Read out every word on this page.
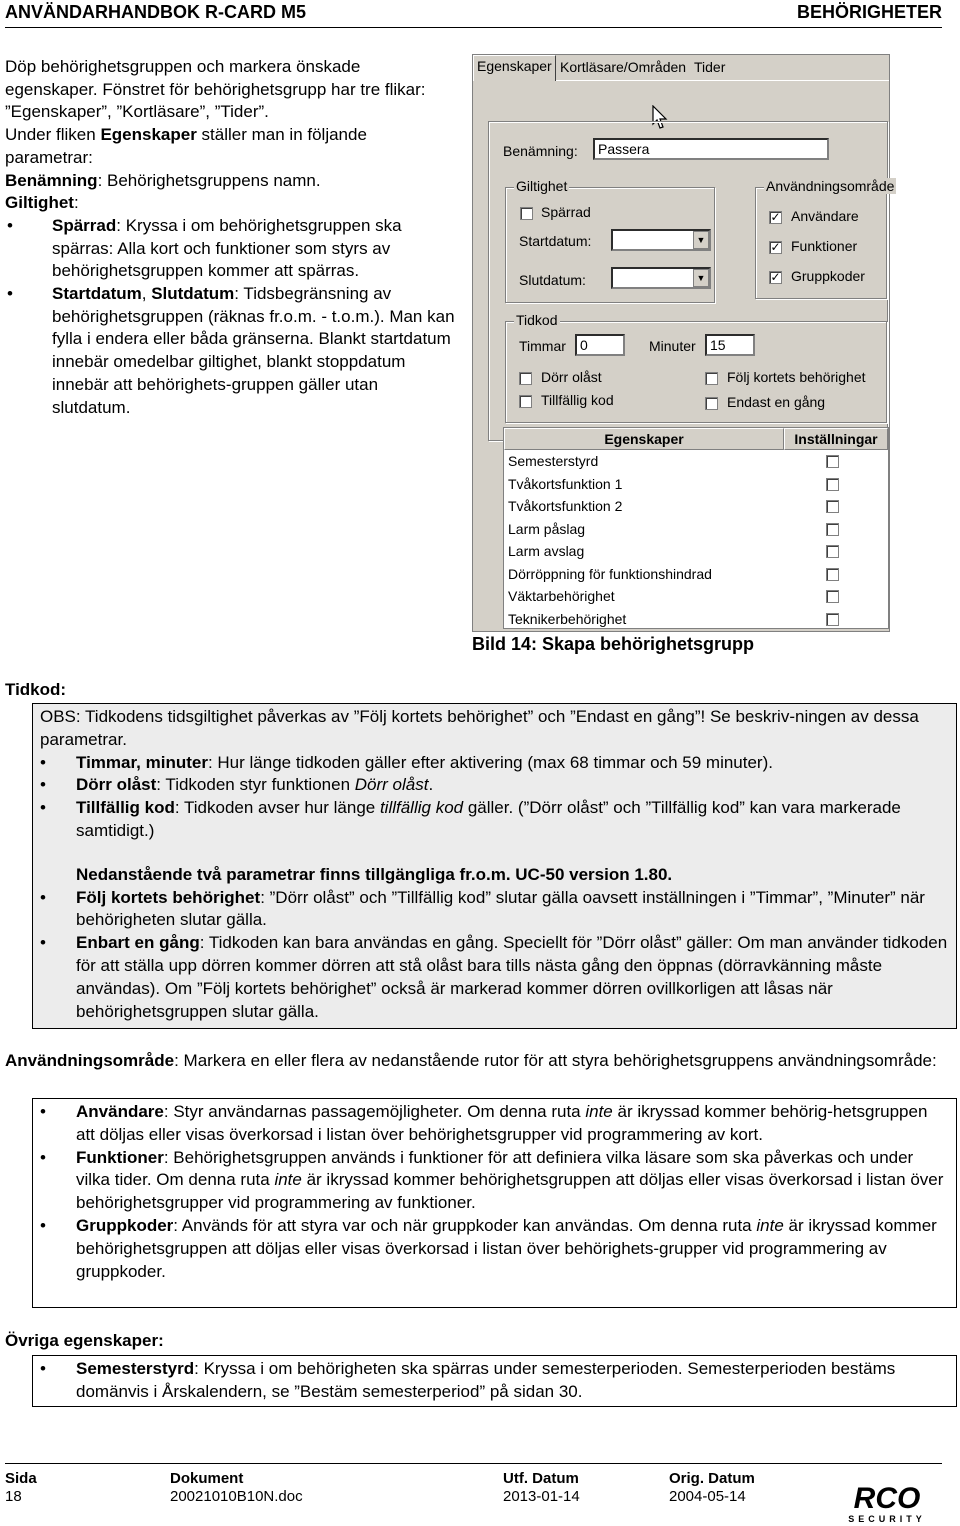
ANVÄNDARHANDBOK R-CARD M5	BEHÖRIGHETER

Döp behörighetsgruppen och markera önskade egenskaper. Fönstret för behörighetsgrupp har tre flikar: ”Egenskaper”, ”Kortläsare”, ”Tider”.

Under fliken Egenskaper ställer man in följande parametrar:

Benämning: Behörighetsgruppens namn.

Giltighet:

• Spärrad: Kryssa i om behörighetsgruppen ska spärras: Alla kort och funktioner som styrs av behörighetsgruppen kommer att spärras.
• Startdatum, Slutdatum: Tidsbegränsning av behörighetsgruppen (räknas fr.o.m. - t.o.m.). Man kan fylla i endera eller båda gränserna. Blankt startdatum innebär omedelbar giltighet, blankt stoppdatum innebär att behörighets-gruppen gäller utan slutdatum.
Egenskaper Kortläsare/Områden Tider
Benämning:	Passera
Giltighet
Spärrad
Startdatum:	▼
Slutdatum:	▼
Användningsområde
✓ Användare
✓ Funktioner
✓ Gruppkoder
Tidkod
Timmar	0	Minuter	15
Dörr olåst
Tillfällig kod
Följ kortets behörighet
Endast en gång
Egenskaper	Inställningar
Semesterstyrd
Tvåkortsfunktion 1
Tvåkortsfunktion 2
Larm påslag
Larm avslag
Dörröppning för funktionshindrad
Väktarbehörighet
Teknikerbehörighet
Bild 14: Skapa behörighetsgrupp
Tidkod:

OBS: Tidkodens tidsgiltighet påverkas av ”Följ kortets behörighet” och ”Endast en gång”! Se beskriv-ningen av dessa parametrar.

• Timmar, minuter: Hur länge tidkoden gäller efter aktivering (max 68 timmar och 59 minuter).
• Dörr olåst: Tidkoden styr funktionen Dörr olåst.
• Tillfällig kod: Tidkoden avser hur länge tillfällig kod gäller. (”Dörr olåst” och ”Tillfällig kod” kan vara markerade samtidigt.)

Nedanstående två parametrar finns tillgängliga fr.o.m. UC-50 version 1.80.

• Följ kortets behörighet: ”Dörr olåst” och ”Tillfällig kod” slutar gälla oavsett inställningen i ”Timmar”, ”Minuter” när behörigheten slutar gälla.
• Enbart en gång: Tidkoden kan bara användas en gång. Speciellt för ”Dörr olåst” gäller: Om man använder tidkoden för att ställa upp dörren kommer dörren att stå olåst bara tills nästa gång den öppnas (dörravkänning måste användas). Om ”Följ kortets behörighet” också är markerad kommer dörren ovillkorligen att låsas när behörighetsgruppen slutar gälla.
Användningsområde: Markera en eller flera av nedanstående rutor för att styra behörighetsgruppens användningsområde:
• Användare: Styr användarnas passagemöjligheter. Om denna ruta inte är ikryssad kommer behörig-hetsgruppen att döljas eller visas överkorsad i listan över behörighetsgrupper vid programmering av kort.
• Funktioner: Behörighetsgruppen används i funktioner för att definiera vilka läsare som ska påverkas och under vilka tider. Om denna ruta inte är ikryssad kommer behörighetsgruppen att döljas eller visas överkorsad i listan över behörighetsgrupper vid programmering av funktioner.
• Gruppkoder: Används för att styra var och när gruppkoder kan användas. Om denna ruta inte är ikryssad kommer behörighetsgruppen att döljas eller visas överkorsad i listan över behörighets-grupper vid programmering av gruppkoder.
Övriga egenskaper:
• Semesterstyrd: Kryssa i om behörigheten ska spärras under semesterperioden. Semesterperioden bestäms domänvis i Årskalendern, se ”Bestäm semesterperiod” på sidan 30.
Sida
18
Dokument
20021010B10N.doc
Utf. Datum
2013-01-14
Orig. Datum
2004-05-14	RCO
SECURITY
